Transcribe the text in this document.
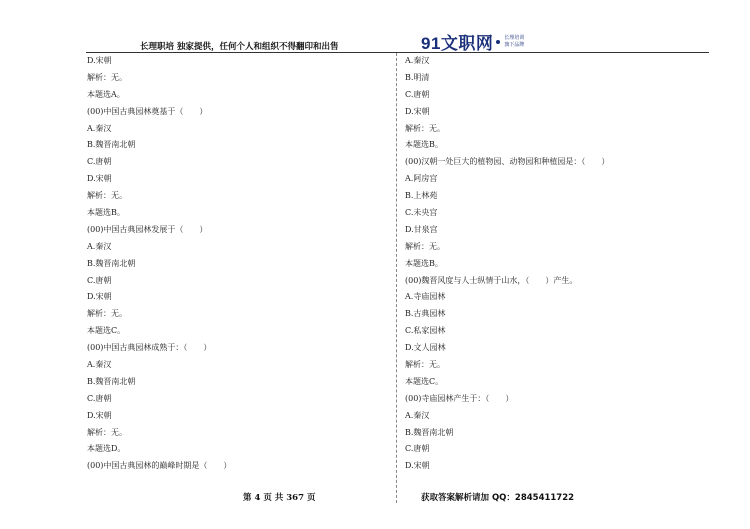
长理职培 独家提供，任何个人和组织不得翻印和出售	91文职网 长理培训
旗下品牌
D.宋朝
解析：无。
本题选A。
(00)中国古典园林奠基于（　　）
A.秦汉
B.魏晋南北朝
C.唐朝
D.宋朝
解析：无。
本题选B。
(00)中国古典园林发展于（　　）
A.秦汉
B.魏晋南北朝
C.唐朝
D.宋朝
解析：无。
本题选C。
(00)中国古典园林成熟于：（　　）
A.秦汉
B.魏晋南北朝
C.唐朝
D.宋朝
解析：无。
本题选D。
(00)中国古典园林的巅峰时期是（　　）
A.秦汉
B.明清
C.唐朝
D.宋朝
解析：无。
本题选B。
(00)汉朝一处巨大的植物园、动物园和种植园是：（　　）
A.阿房宫
B.上林苑
C.未央宫
D.甘泉宫
解析：无。
本题选B。
(00)魏晋风度与人士纵情于山水，（　　）产生。
A.寺庙园林
B.古典园林
C.私家园林
D.文人园林
解析：无。
本题选C。
(00)寺庙园林产生于：（　　）
A.秦汉
B.魏晋南北朝
C.唐朝
D.宋朝
第 4 页 共 367 页	获取答案解析请加 QQ：2845411722
